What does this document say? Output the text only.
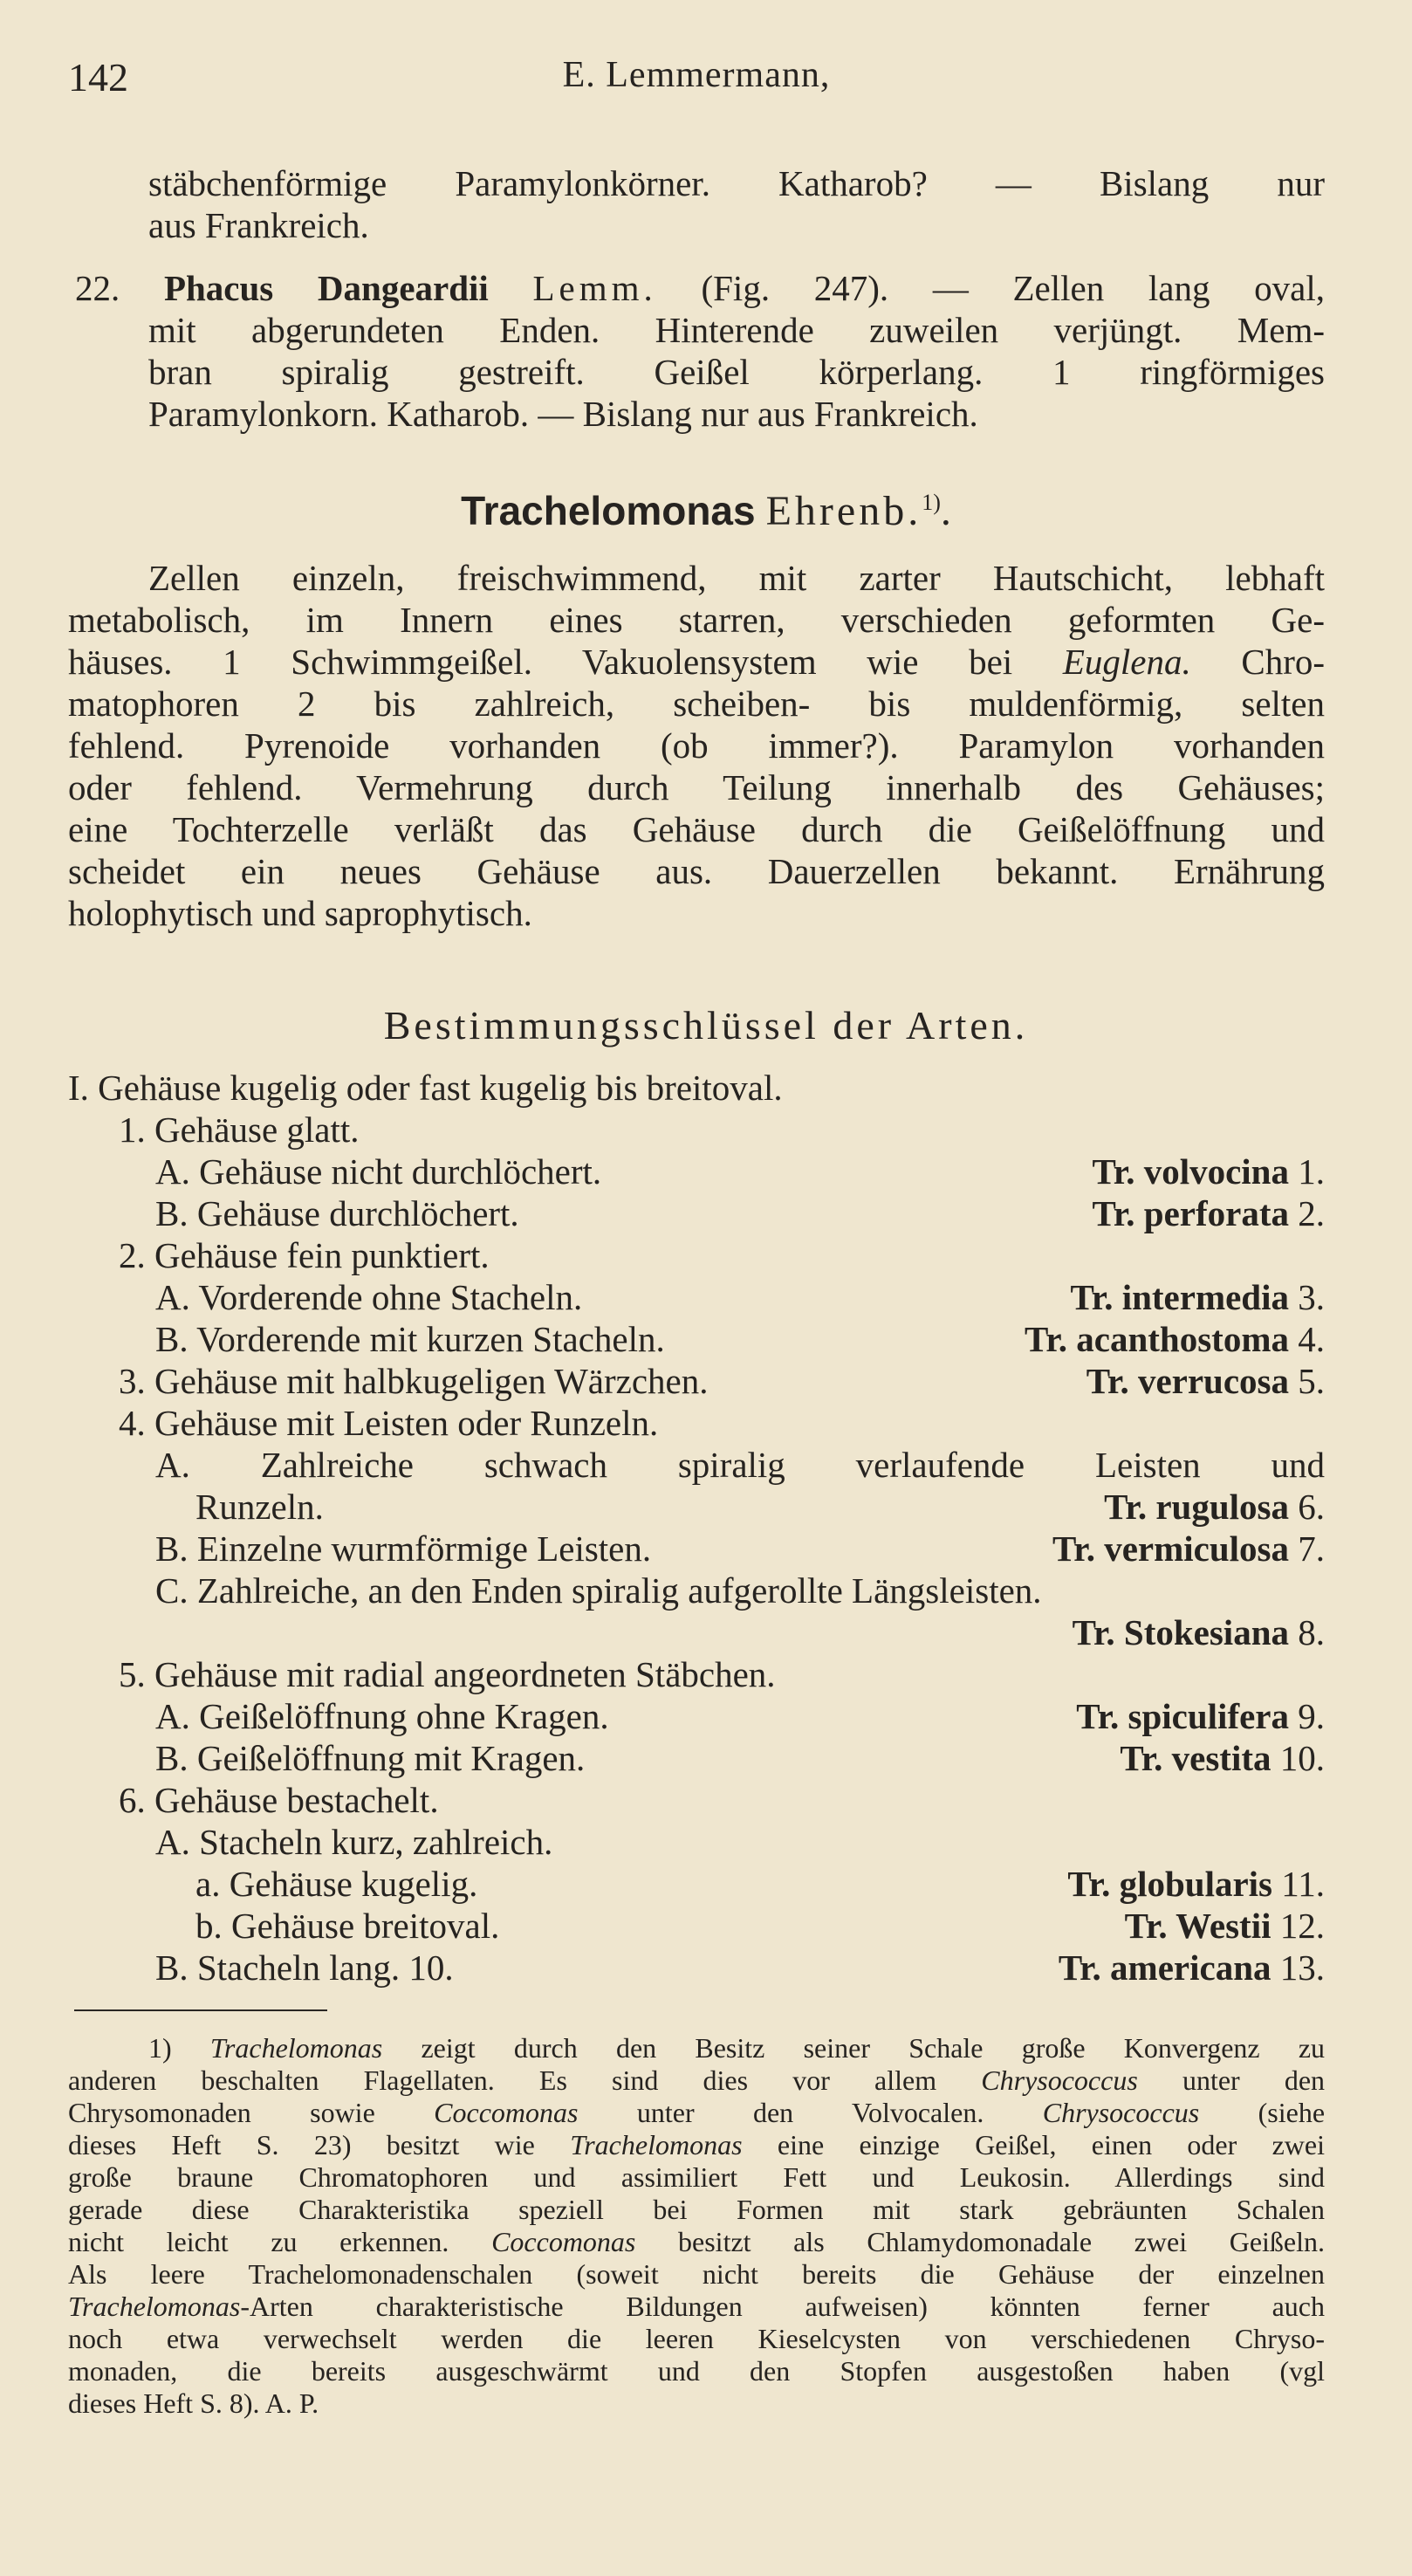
142	E. Lemmermann,
stäbchenförmige Paramylonkörner. Katharob? — Bislang nur
aus Frankreich.
22. Phacus Dangeardii Lemm. (Fig. 247). — Zellen lang oval,
mit abgerundeten Enden. Hinterende zuweilen verjüngt. Mem-
bran spiralig gestreift. Geißel körperlang. 1 ringförmiges
Paramylonkorn. Katharob. — Bislang nur aus Frankreich.
Trachelomonas Ehrenb.$^{1)}$.
Zellen einzeln, freischwimmend, mit zarter Hautschicht, lebhaft
metabolisch, im Innern eines starren, verschieden geformten Ge-
häuses. 1 Schwimmgeißel. Vakuolensystem wie bei Euglena. Chro-
matophoren 2 bis zahlreich, scheiben- bis muldenförmig, selten
fehlend. Pyrenoide vorhanden (ob immer?). Paramylon vorhanden
oder fehlend. Vermehrung durch Teilung innerhalb des Gehäuses;
eine Tochterzelle verläßt das Gehäuse durch die Geißelöffnung und
scheidet ein neues Gehäuse aus. Dauerzellen bekannt. Ernährung
holophytisch und saprophytisch.
Bestimmungsschlüssel der Arten.
I. Gehäuse kugelig oder fast kugelig bis breitoval.
1. Gehäuse glatt.
A. Gehäuse nicht durchlöchert.	Tr. volvocina 1.
B. Gehäuse durchlöchert.	Tr. perforata 2.
2. Gehäuse fein punktiert.
A. Vorderende ohne Stacheln.	Tr. intermedia 3.
B. Vorderende mit kurzen Stacheln.	Tr. acanthostoma 4.
3. Gehäuse mit halbkugeligen Wärzchen.	Tr. verrucosa 5.
4. Gehäuse mit Leisten oder Runzeln.
A. Zahlreiche schwach spiralig verlaufende Leisten und
Runzeln.	Tr. rugulosa 6.
B. Einzelne wurmförmige Leisten.	Tr. vermiculosa 7.
C. Zahlreiche, an den Enden spiralig aufgerollte Längsleisten.
Tr. Stokesiana 8.
5. Gehäuse mit radial angeordneten Stäbchen.
A. Geißelöffnung ohne Kragen.	Tr. spiculifera 9.
B. Geißelöffnung mit Kragen.	Tr. vestita 10.
6. Gehäuse bestachelt.
A. Stacheln kurz, zahlreich.
a. Gehäuse kugelig.	Tr. globularis 11.
b. Gehäuse breitoval.	Tr. Westii 12.
B. Stacheln lang. 10.	Tr. americana 13.

1) Trachelomonas zeigt durch den Besitz seiner Schale große Konvergenz zu

anderen beschalten Flagellaten. Es sind dies vor allem Chrysococcus unter den

Chrysomonaden sowie Coccomonas unter den Volvocalen. Chrysococcus (siehe

dieses Heft S. 23) besitzt wie Trachelomonas eine einzige Geißel, einen oder zwei

große braune Chromatophoren und assimiliert Fett und Leukosin. Allerdings sind

gerade diese Charakteristika speziell bei Formen mit stark gebräunten Schalen

nicht leicht zu erkennen. Coccomonas besitzt als Chlamydomonadale zwei Geißeln.

Als leere Trachelomonadenschalen (soweit nicht bereits die Gehäuse der einzelnen

Trachelomonas-Arten charakteristische Bildungen aufweisen) könnten ferner auch

noch etwa verwechselt werden die leeren Kieselcysten von verschiedenen Chryso-

monaden, die bereits ausgeschwärmt und den Stopfen ausgestoßen haben (vgl

dieses Heft S. 8). A. P.
